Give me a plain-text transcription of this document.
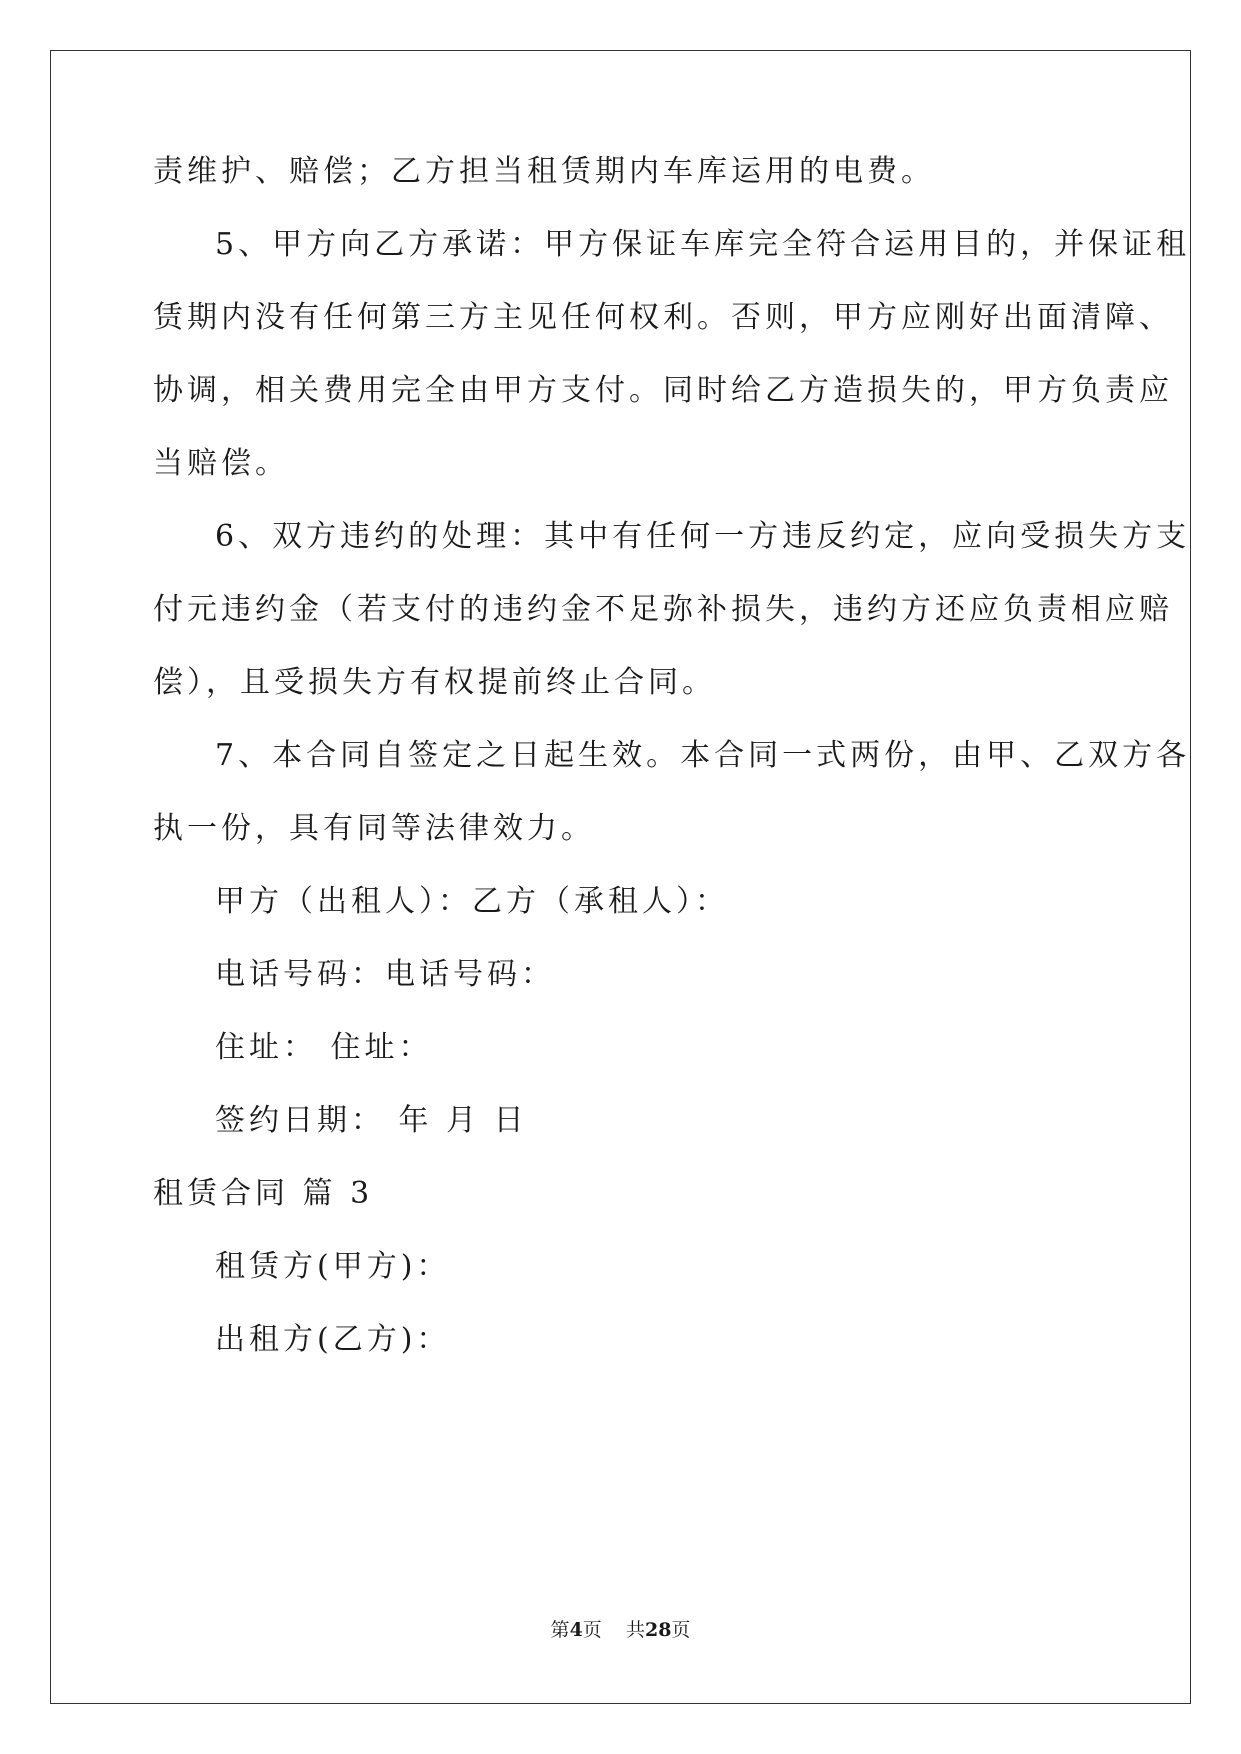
责维护、赔偿；乙方担当租赁期内车库运用的电费。
5、甲方向乙方承诺：甲方保证车库完全符合运用目的，并保证租
赁期内没有任何第三方主见任何权利。否则，甲方应刚好出面清障、
协调，相关费用完全由甲方支付。同时给乙方造损失的，甲方负责应
当赔偿。
6、双方违约的处理：其中有任何一方违反约定，应向受损失方支
付元违约金（若支付的违约金不足弥补损失，违约方还应负责相应赔
偿），且受损失方有权提前终止合同。
7、本合同自签定之日起生效。本合同一式两份，由甲、乙双方各
执一份，具有同等法律效力。
甲方（出租人）：乙方（承租人）：
电话号码：电话号码：
住址： 住址：
签约日期： 年 月 日
租赁合同 篇 3
租赁方(甲方)：
出租方(乙方)：
第4页    共28页
